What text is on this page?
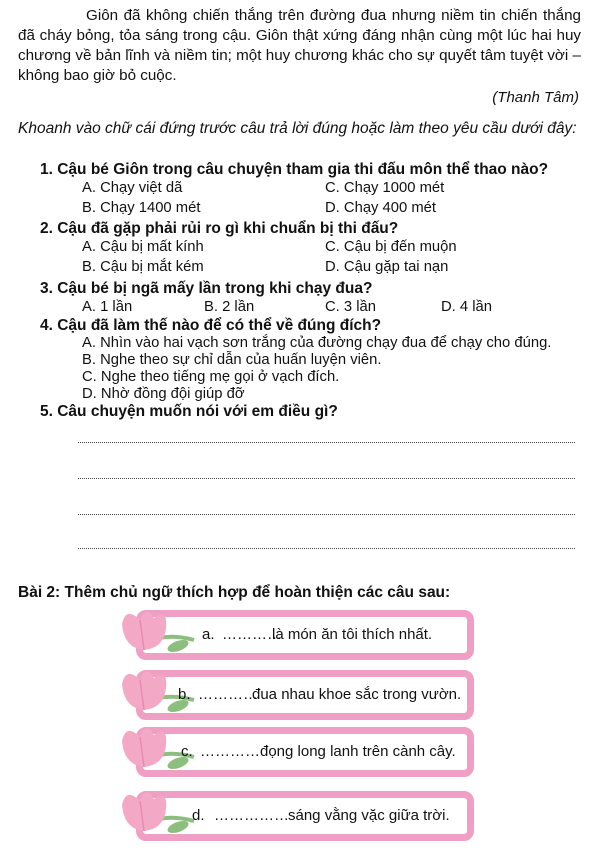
Giôn đã không chiến thắng trên đường đua nhưng niềm tin chiến thắng đã cháy bỏng, tỏa sáng trong cậu. Giôn thật xứng đáng nhận cùng một lúc hai huy chương về bản lĩnh và niềm tin; một huy chương khác cho sự quyết tâm tuyệt vời – không bao giờ bỏ cuộc.

(Thanh Tâm)

Khoanh vào chữ cái đứng trước câu trả lời đúng hoặc làm theo yêu cầu dưới đây:

1. Cậu bé Giôn trong câu chuyện tham gia thi đấu môn thể thao nào?
A. Chạy việt dã	C. Chạy 1000 mét
B. Chạy 1400 mét	D. Chạy 400 mét
2. Cậu đã gặp phải rủi ro gì khi chuẩn bị thi đấu?
A. Cậu bị mất kính	C. Cậu bị đến muộn
B. Cậu bị mắt kém	D. Cậu gặp tai nạn
3. Cậu bé bị ngã mấy lần trong khi chạy đua?
A. 1 lần	B. 2 lần	C. 3 lần	D. 4 lần
4. Cậu đã làm thế nào để có thể về đúng đích?
A. Nhìn vào hai vạch sơn trắng của đường chạy đua để chạy cho đúng.
B. Nghe theo sự chỉ dẫn của huấn luyện viên.
C. Nghe theo tiếng mẹ gọi ở vạch đích.
D. Nhờ đồng đội giúp đỡ
5. Câu chuyện muốn nói với em điều gì?
Bài 2: Thêm chủ ngữ thích hợp để hoàn thiện các câu sau:
a. …………
là món ăn tôi thích nhất.
b. …………
đua nhau khoe sắc trong vườn.
c. ………… đọng long lanh trên cành cây.
d. …………… sáng vằng vặc giữa trời.
